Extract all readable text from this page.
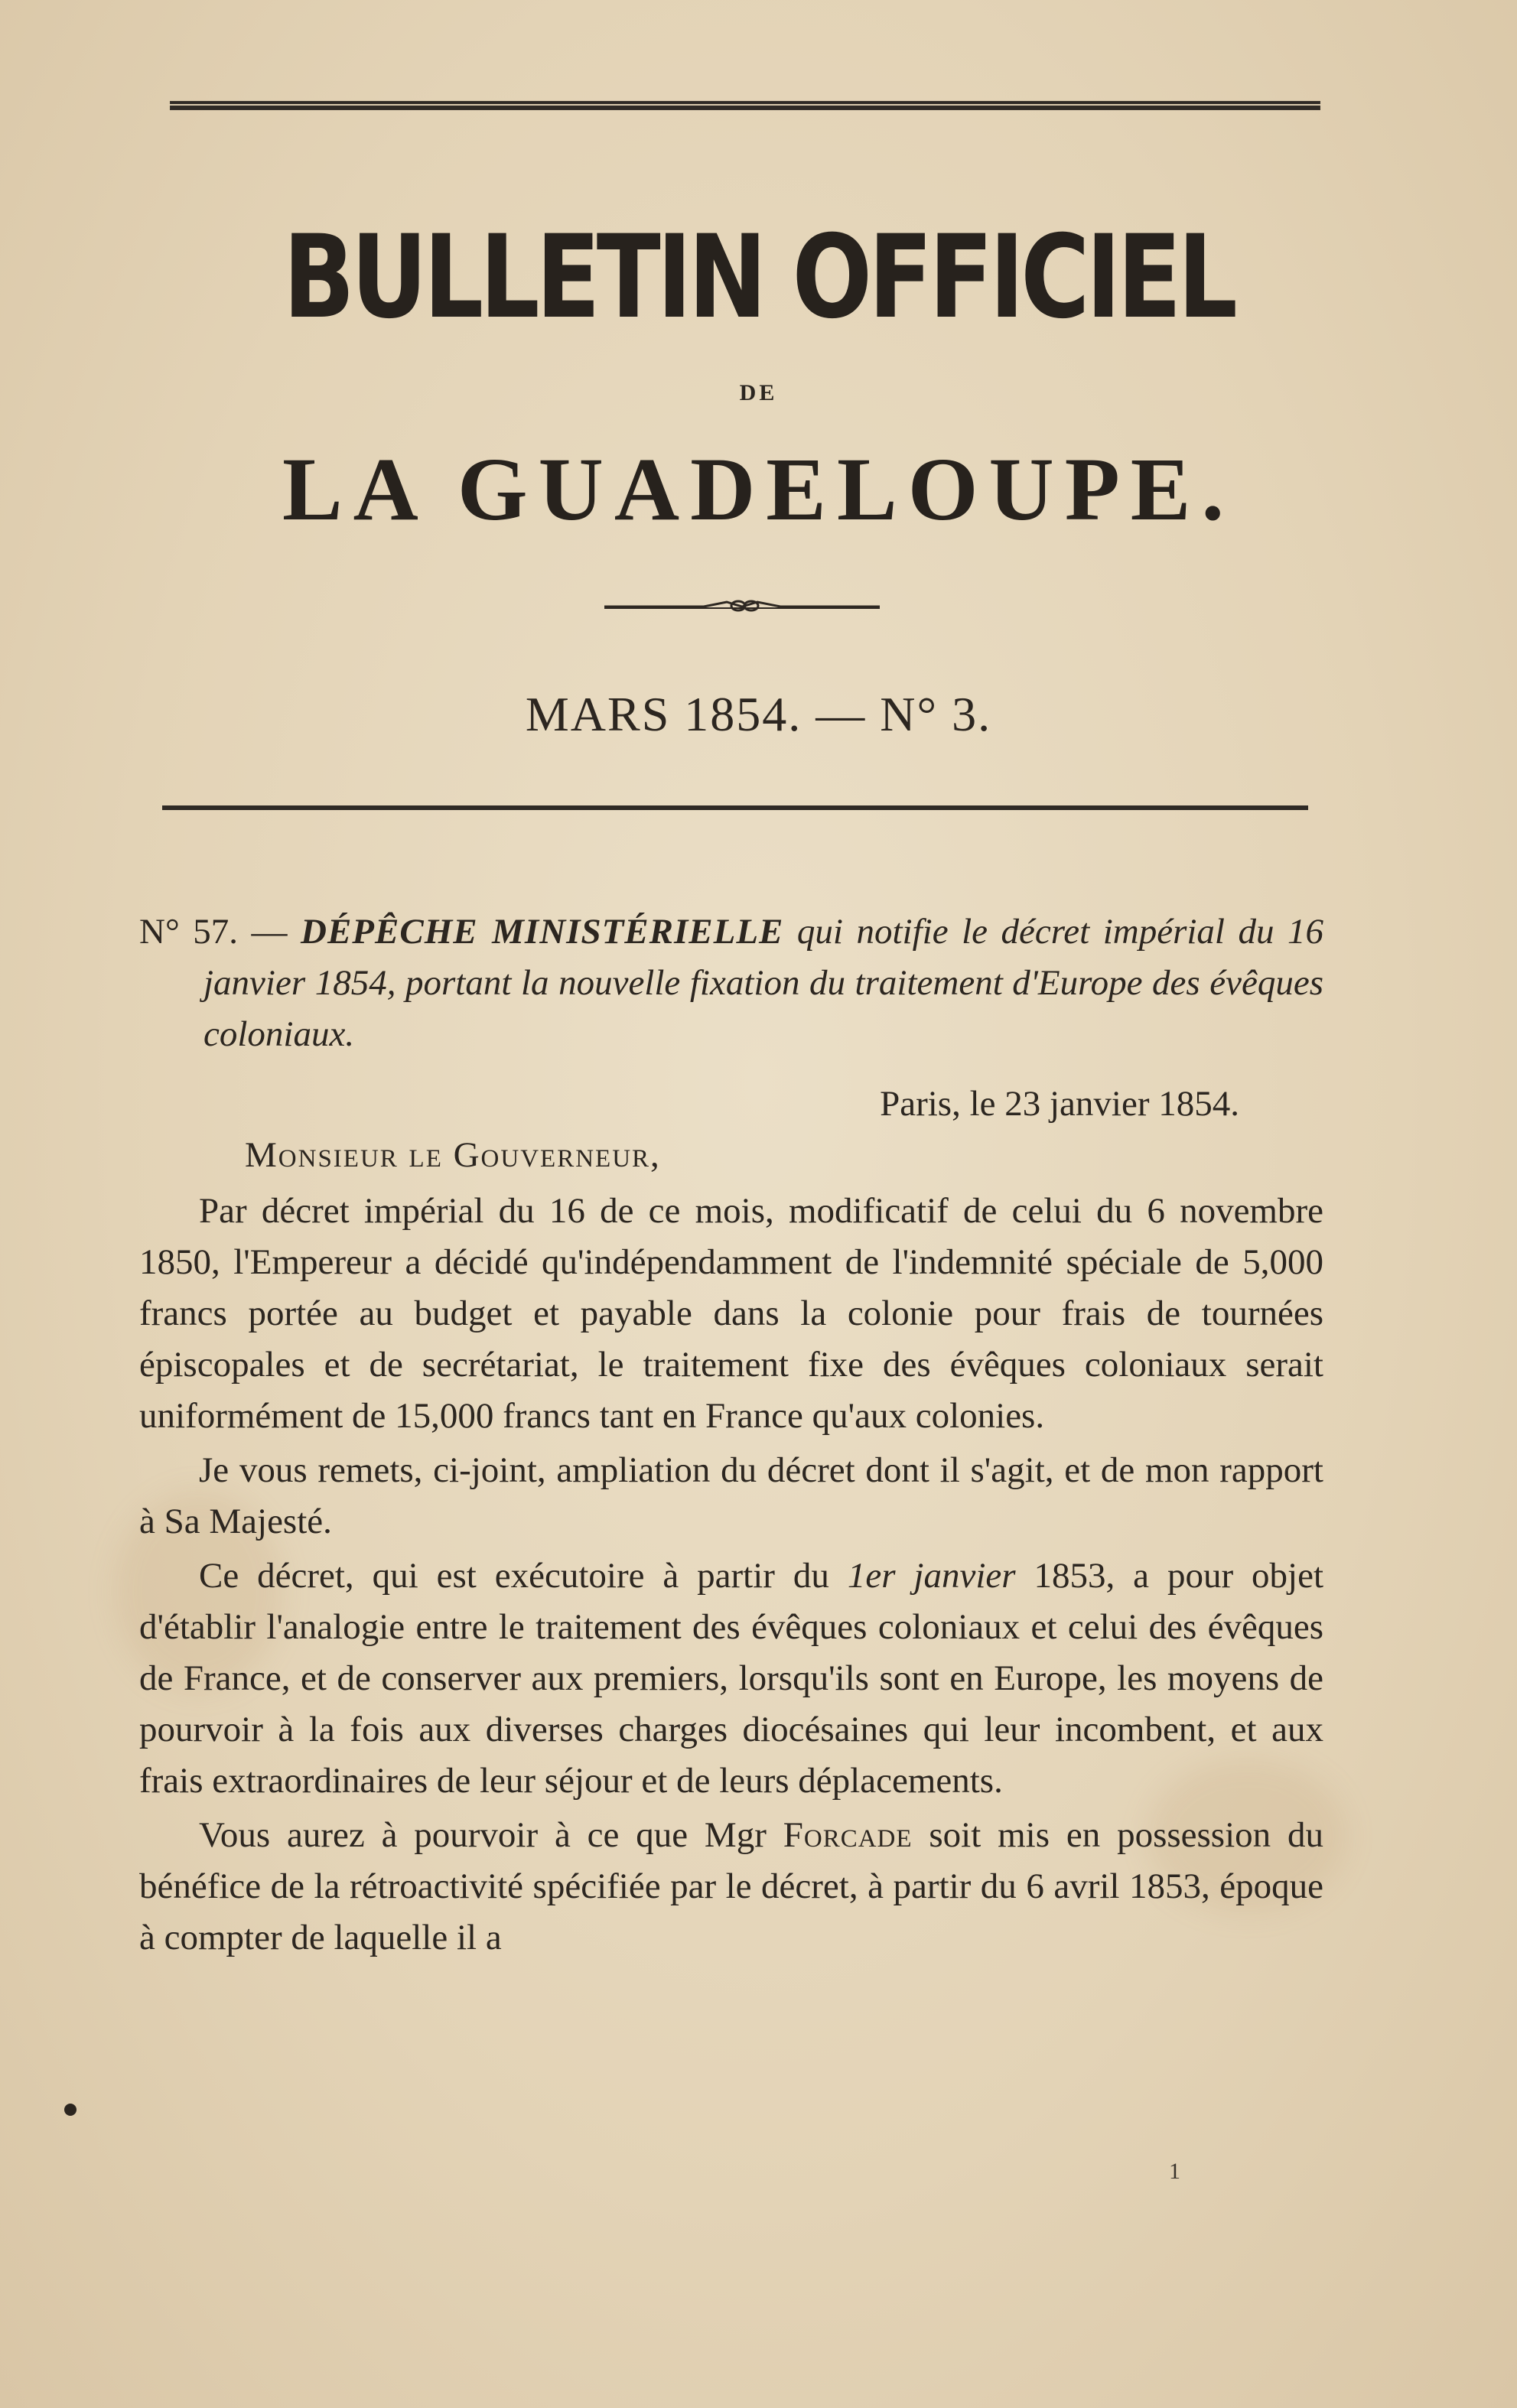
BULLETIN OFFICIEL
DE
LA GUADELOUPE.
MARS 1854. — N° 3.

N° 57. — DÉPÊCHE MINISTÉRIELLE qui notifie le décret impérial du 16 janvier 1854, portant la nouvelle fixation du traitement d'Europe des évêques coloniaux.

Paris, le 23 janvier 1854.

Monsieur le Gouverneur,

Par décret impérial du 16 de ce mois, modificatif de celui du 6 novembre 1850, l'Empereur a décidé qu'indépendamment de l'indemnité spéciale de 5,000 francs portée au budget et payable dans la colonie pour frais de tournées épiscopales et de secrétariat, le traitement fixe des évêques coloniaux serait uniformément de 15,000 francs tant en France qu'aux colonies.

Je vous remets, ci-joint, ampliation du décret dont il s'agit, et de mon rapport à Sa Majesté.

Ce décret, qui est exécutoire à partir du 1er janvier 1853, a pour objet d'établir l'analogie entre le traitement des évêques coloniaux et celui des évêques de France, et de conserver aux premiers, lorsqu'ils sont en Europe, les moyens de pourvoir à la fois aux diverses charges diocésaines qui leur incombent, et aux frais extraordinaires de leur séjour et de leurs déplacements.

Vous aurez à pourvoir à ce que Mgr Forcade soit mis en possession du bénéfice de la rétroactivité spécifiée par le décret, à partir du 6 avril 1853, époque à compter de laquelle il a

1
